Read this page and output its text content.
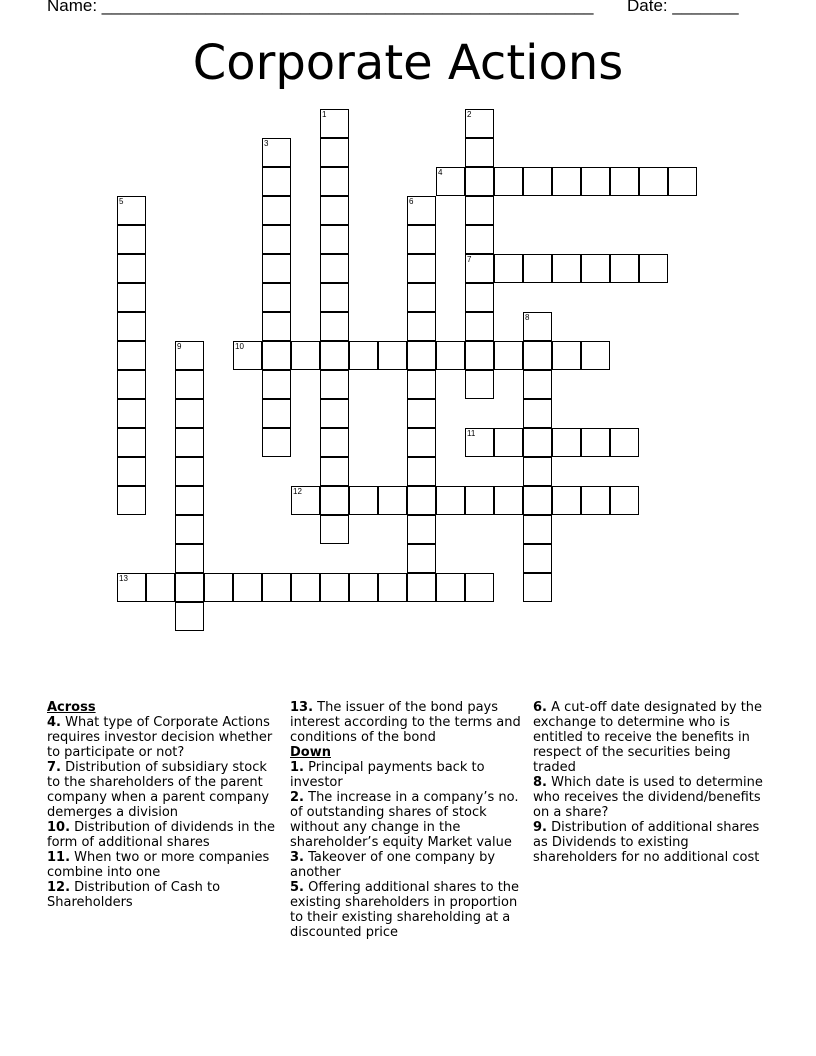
Name: ____________________________________________________ Date: _______
Corporate Actions
1	2
7
3
4
5	6
8
9	10
11
12
13

Across

4. What type of Corporate Actions requires investor decision whether to participate or not?

7. Distribution of subsidiary stock to the shareholders of the parent company when a parent company demerges a division

10. Distribution of dividends in the form of additional shares

11. When two or more companies combine into one

12. Distribution of Cash to Shareholders

13. The issuer of the bond pays interest according to the terms and conditions of the bond

Down

1. Principal payments back to investor

2. The increase in a company’s no. of outstanding shares of stock without any change in the shareholder’s equity Market value

3. Takeover of one company by another

5. Offering additional shares to the existing shareholders in proportion to their existing shareholding at a discounted price

6. A cut-off date designated by the exchange to determine who is entitled to receive the benefits in respect of the securities being traded

8. Which date is used to determine who receives the dividend/benefits on a share?

9. Distribution of additional shares as Dividends to existing shareholders for no additional cost
